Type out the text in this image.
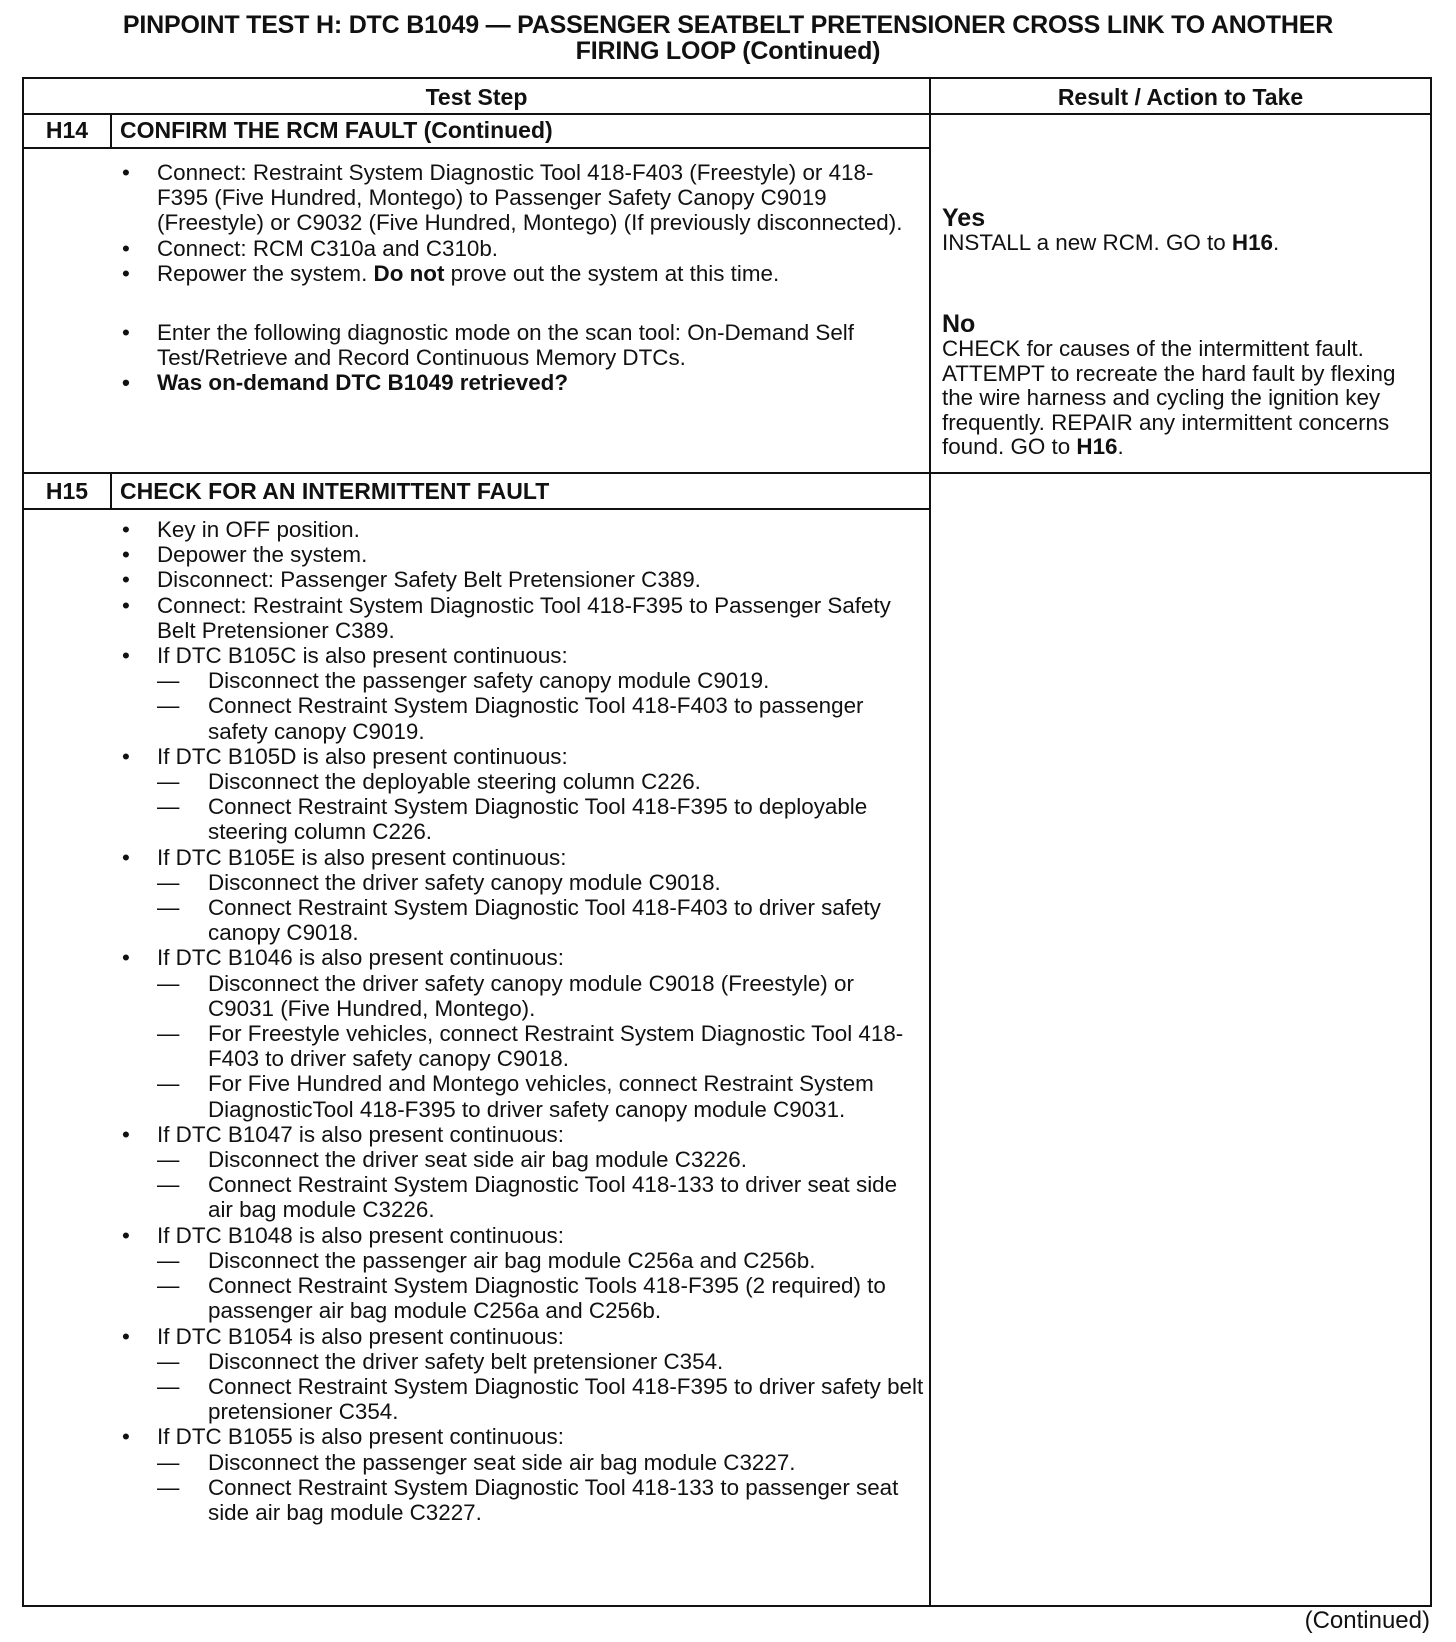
PINPOINT TEST H: DTC B1049 — PASSENGER SEATBELT PRETENSIONER CROSS LINK TO ANOTHER
FIRING LOOP (Continued)
Test Step	Result / Action to Take
H14	CONFIRM THE RCM FAULT (Continued)
• Connect: Restraint System Diagnostic Tool 418-F403 (Freestyle) or 418-F395 (Five Hundred, Montego) to Passenger Safety Canopy C9019 (Freestyle) or C9032 (Five Hundred, Montego) (If previously disconnected).
• Connect: RCM C310a and C310b.
• Repower the system. Do not prove out the system at this time.
• Enter the following diagnostic mode on the scan tool: On-Demand Self Test/Retrieve and Record Continuous Memory DTCs.
• Was on-demand DTC B1049 retrieved?
Yes
INSTALL a new RCM. GO to H16.
No
CHECK for causes of the intermittent fault. ATTEMPT to recreate the hard fault by flexing the wire harness and cycling the ignition key frequently. REPAIR any intermittent concerns found. GO to H16.
H15	CHECK FOR AN INTERMITTENT FAULT
• Key in OFF position.
• Depower the system.
• Disconnect: Passenger Safety Belt Pretensioner C389.
• Connect: Restraint System Diagnostic Tool 418-F395 to Passenger Safety Belt Pretensioner C389.
• If DTC B105C is also present continuous:
— Disconnect the passenger safety canopy module C9019.
— Connect Restraint System Diagnostic Tool 418-F403 to passenger safety canopy C9019.
• If DTC B105D is also present continuous:
— Disconnect the deployable steering column C226.
— Connect Restraint System Diagnostic Tool 418-F395 to deployable steering column C226.
• If DTC B105E is also present continuous:
— Disconnect the driver safety canopy module C9018.
— Connect Restraint System Diagnostic Tool 418-F403 to driver safety canopy C9018.
• If DTC B1046 is also present continuous:
— Disconnect the driver safety canopy module C9018 (Freestyle) or C9031 (Five Hundred, Montego).
— For Freestyle vehicles, connect Restraint System Diagnostic Tool 418-F403 to driver safety canopy C9018.
— For Five Hundred and Montego vehicles, connect Restraint System DiagnosticTool 418-F395 to driver safety canopy module C9031.
• If DTC B1047 is also present continuous:
— Disconnect the driver seat side air bag module C3226.
— Connect Restraint System Diagnostic Tool 418-133 to driver seat side air bag module C3226.
• If DTC B1048 is also present continuous:
— Disconnect the passenger air bag module C256a and C256b.
— Connect Restraint System Diagnostic Tools 418-F395 (2 required) to passenger air bag module C256a and C256b.
• If DTC B1054 is also present continuous:
— Disconnect the driver safety belt pretensioner C354.
— Connect Restraint System Diagnostic Tool 418-F395 to driver safety belt pretensioner C354.
• If DTC B1055 is also present continuous:
— Disconnect the passenger seat side air bag module C3227.
— Connect Restraint System Diagnostic Tool 418-133 to passenger seat side air bag module C3227.
(Continued)
